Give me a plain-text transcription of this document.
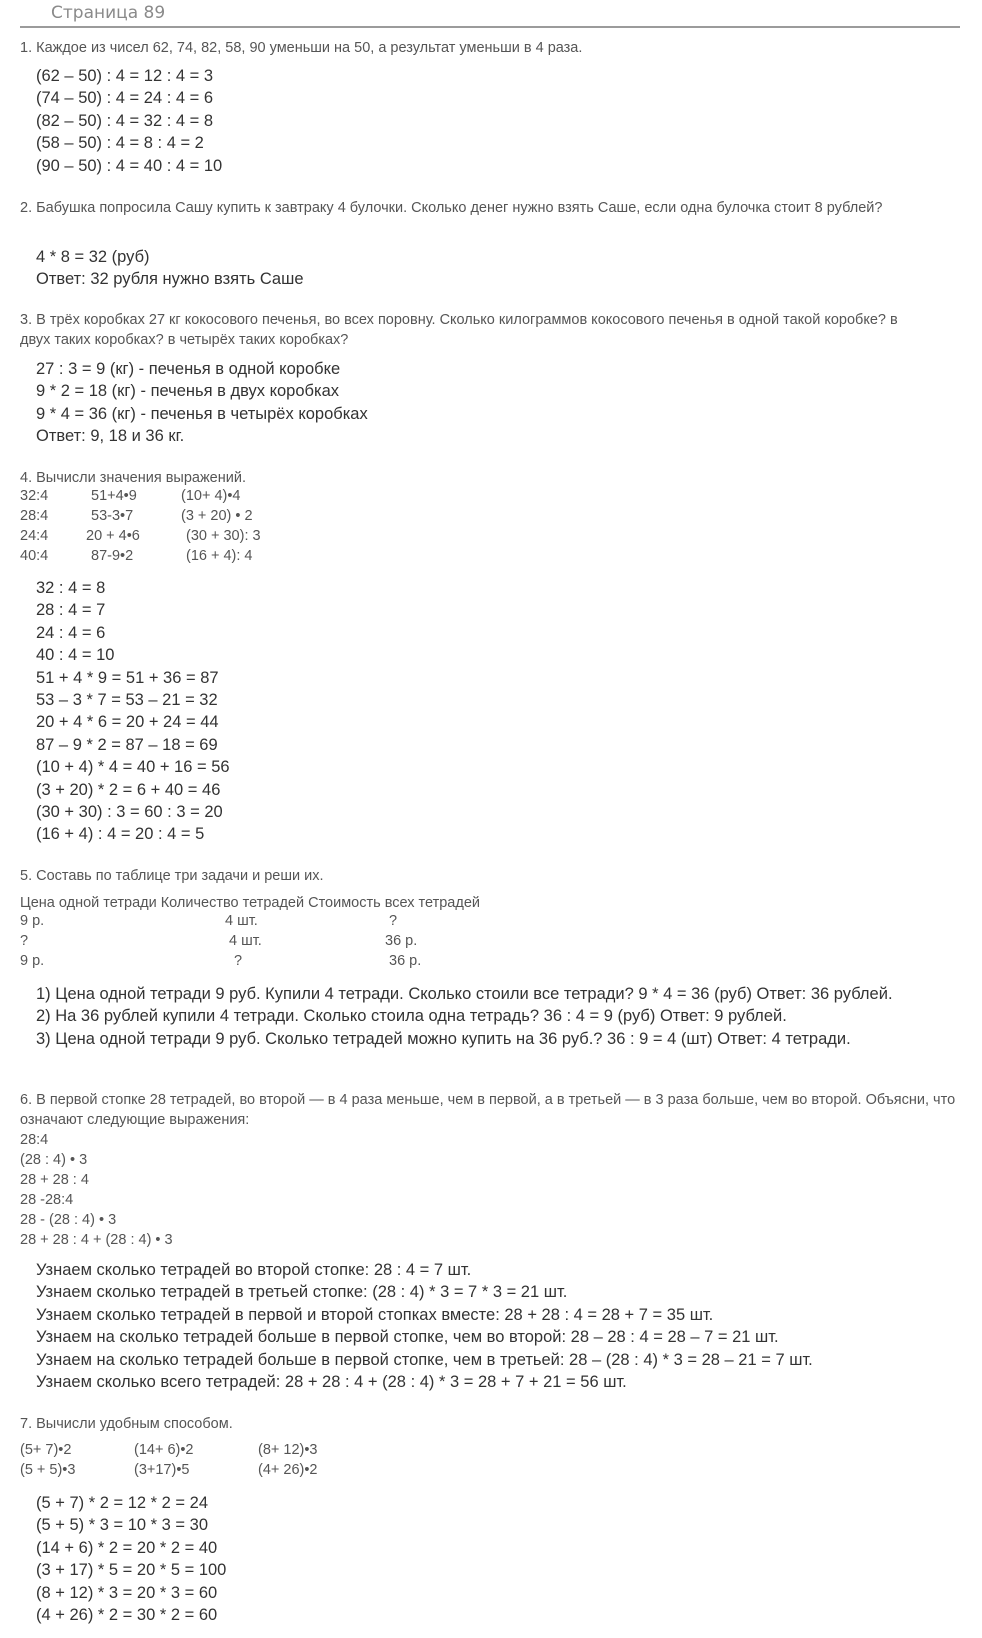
Страница 89
1. Каждое из чисел 62, 74, 82, 58, 90 уменьши на 50, а результат уменьши в 4 раза.
(62 – 50) : 4 = 12 : 4 = 3
(74 – 50) : 4 = 24 : 4 = 6
(82 – 50) : 4 = 32 : 4 = 8
(58 – 50) : 4 = 8 : 4 = 2
(90 – 50) : 4 = 40 : 4 = 10
2. Бабушка попросила Сашу купить к завтраку 4 булочки. Сколько денег нужно взять Саше, если одна булочка стоит 8 рублей?
4 * 8 = 32 (руб)
Ответ: 32 рубля нужно взять Саше
3. В трёх коробках 27 кг кокосового печенья, во всех поровну. Сколько килограммов кокосового печенья в одной такой коробке? в двух таких коробках? в четырёх таких коробках?
27 : 3 = 9 (кг) - печенья в одной коробке
9 * 2 = 18 (кг) - печенья в двух коробках
9 * 4 = 36 (кг) - печенья в четырёх коробках
Ответ: 9, 18 и 36 кг.
4. Вычисли значения выражений.
32:4	51+4•9	(10+ 4)•4
28:4	53-3•7	(3 + 20) • 2
24:4	20 + 4•6	(30 + 30): 3
40:4	87-9•2	(16 + 4): 4
32 : 4 = 8
28 : 4 = 7
24 : 4 = 6
40 : 4 = 10
51 + 4 * 9 = 51 + 36 = 87
53 – 3 * 7 = 53 – 21 = 32
20 + 4 * 6 = 20 + 24 = 44
87 – 9 * 2 = 87 – 18 = 69
(10 + 4) * 4 = 40 + 16 = 56
(3 + 20) * 2 = 6 + 40 = 46
(30 + 30) : 3 = 60 : 3 = 20
(16 + 4) : 4 = 20 : 4 = 5
5. Составь по таблице три задачи и реши их.
Цена одной тетради Количество тетрадей Стоимость всех тетрадей
9 р.	4 шт.	?
?	4 шт.	36 р.
9 р.	?	36 р.
1) Цена одной тетради 9 руб. Купили 4 тетради. Сколько стоили все тетради? 9 * 4 = 36 (руб) Ответ: 36 рублей.
2) На 36 рублей купили 4 тетради. Сколько стоила одна тетрадь? 36 : 4 = 9 (руб) Ответ: 9 рублей.
3) Цена одной тетради 9 руб. Сколько тетрадей можно купить на 36 руб.? 36 : 9 = 4 (шт) Ответ: 4 тетради.
6. В первой стопке 28 тетрадей, во второй — в 4 раза меньше, чем в первой, а в третьей — в 3 раза больше, чем во второй. Объясни, что означают следующие выражения:
28:4
(28 : 4) • 3
28 + 28 : 4
28 -28:4
28 - (28 : 4) • 3
28 + 28 : 4 + (28 : 4) • 3
Узнаем сколько тетрадей во второй стопке: 28 : 4 = 7 шт.
Узнаем сколько тетрадей в третьей стопке: (28 : 4) * 3 = 7 * 3 = 21 шт.
Узнаем сколько тетрадей в первой и второй стопках вместе: 28 + 28 : 4 = 28 + 7 = 35 шт.
Узнаем на сколько тетрадей больше в первой стопке, чем во второй: 28 – 28 : 4 = 28 – 7 = 21 шт.
Узнаем на сколько тетрадей больше в первой стопке, чем в третьей: 28 – (28 : 4) * 3 = 28 – 21 = 7 шт.
Узнаем сколько всего тетрадей: 28 + 28 : 4 + (28 : 4) * 3 = 28 + 7 + 21 = 56 шт.
7. Вычисли удобным способом.
(5+ 7)•2	(14+ 6)•2	(8+ 12)•3
(5 + 5)•3	(3+17)•5	(4+ 26)•2
(5 + 7) * 2 = 12 * 2 = 24
(5 + 5) * 3 = 10 * 3 = 30
(14 + 6) * 2 = 20 * 2 = 40
(3 + 17) * 5 = 20 * 5 = 100
(8 + 12) * 3 = 20 * 3 = 60
(4 + 26) * 2 = 30 * 2 = 60
